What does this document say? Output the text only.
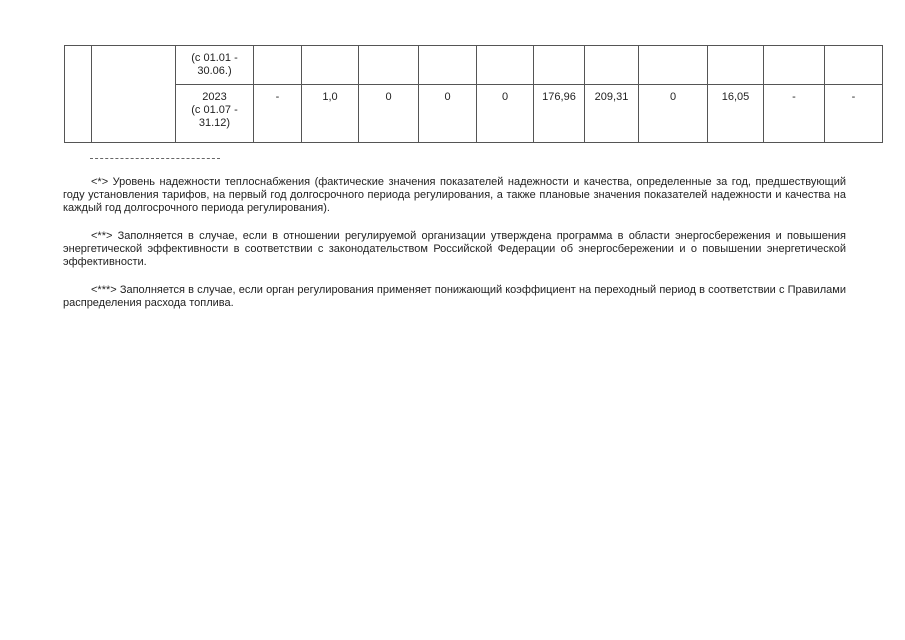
		(с 01.01 -
30.06.)											
		2023
(с 01.07 -
31.12)	-	1,0	0	0	0	176,96	209,31	0	16,05	-	-

<*> Уровень надежности теплоснабжения (фактические значения показателей надежности и качества, определенные за год, предшествующий году установления тарифов, на первый год долгосрочного периода регулирования, а также плановые значения показателей надежности и качества на каждый год долгосрочного периода регулирования).

<**> Заполняется в случае, если в отношении регулируемой организации утверждена программа в области энергосбережения и повышения энергетической эффективности в соответствии с законодательством Российской Федерации об энергосбережении и о повышении энергетической эффективности.

<***> Заполняется в случае, если орган регулирования применяет понижающий коэффициент на переходный период в соответствии с Правилами распределения расхода топлива.
